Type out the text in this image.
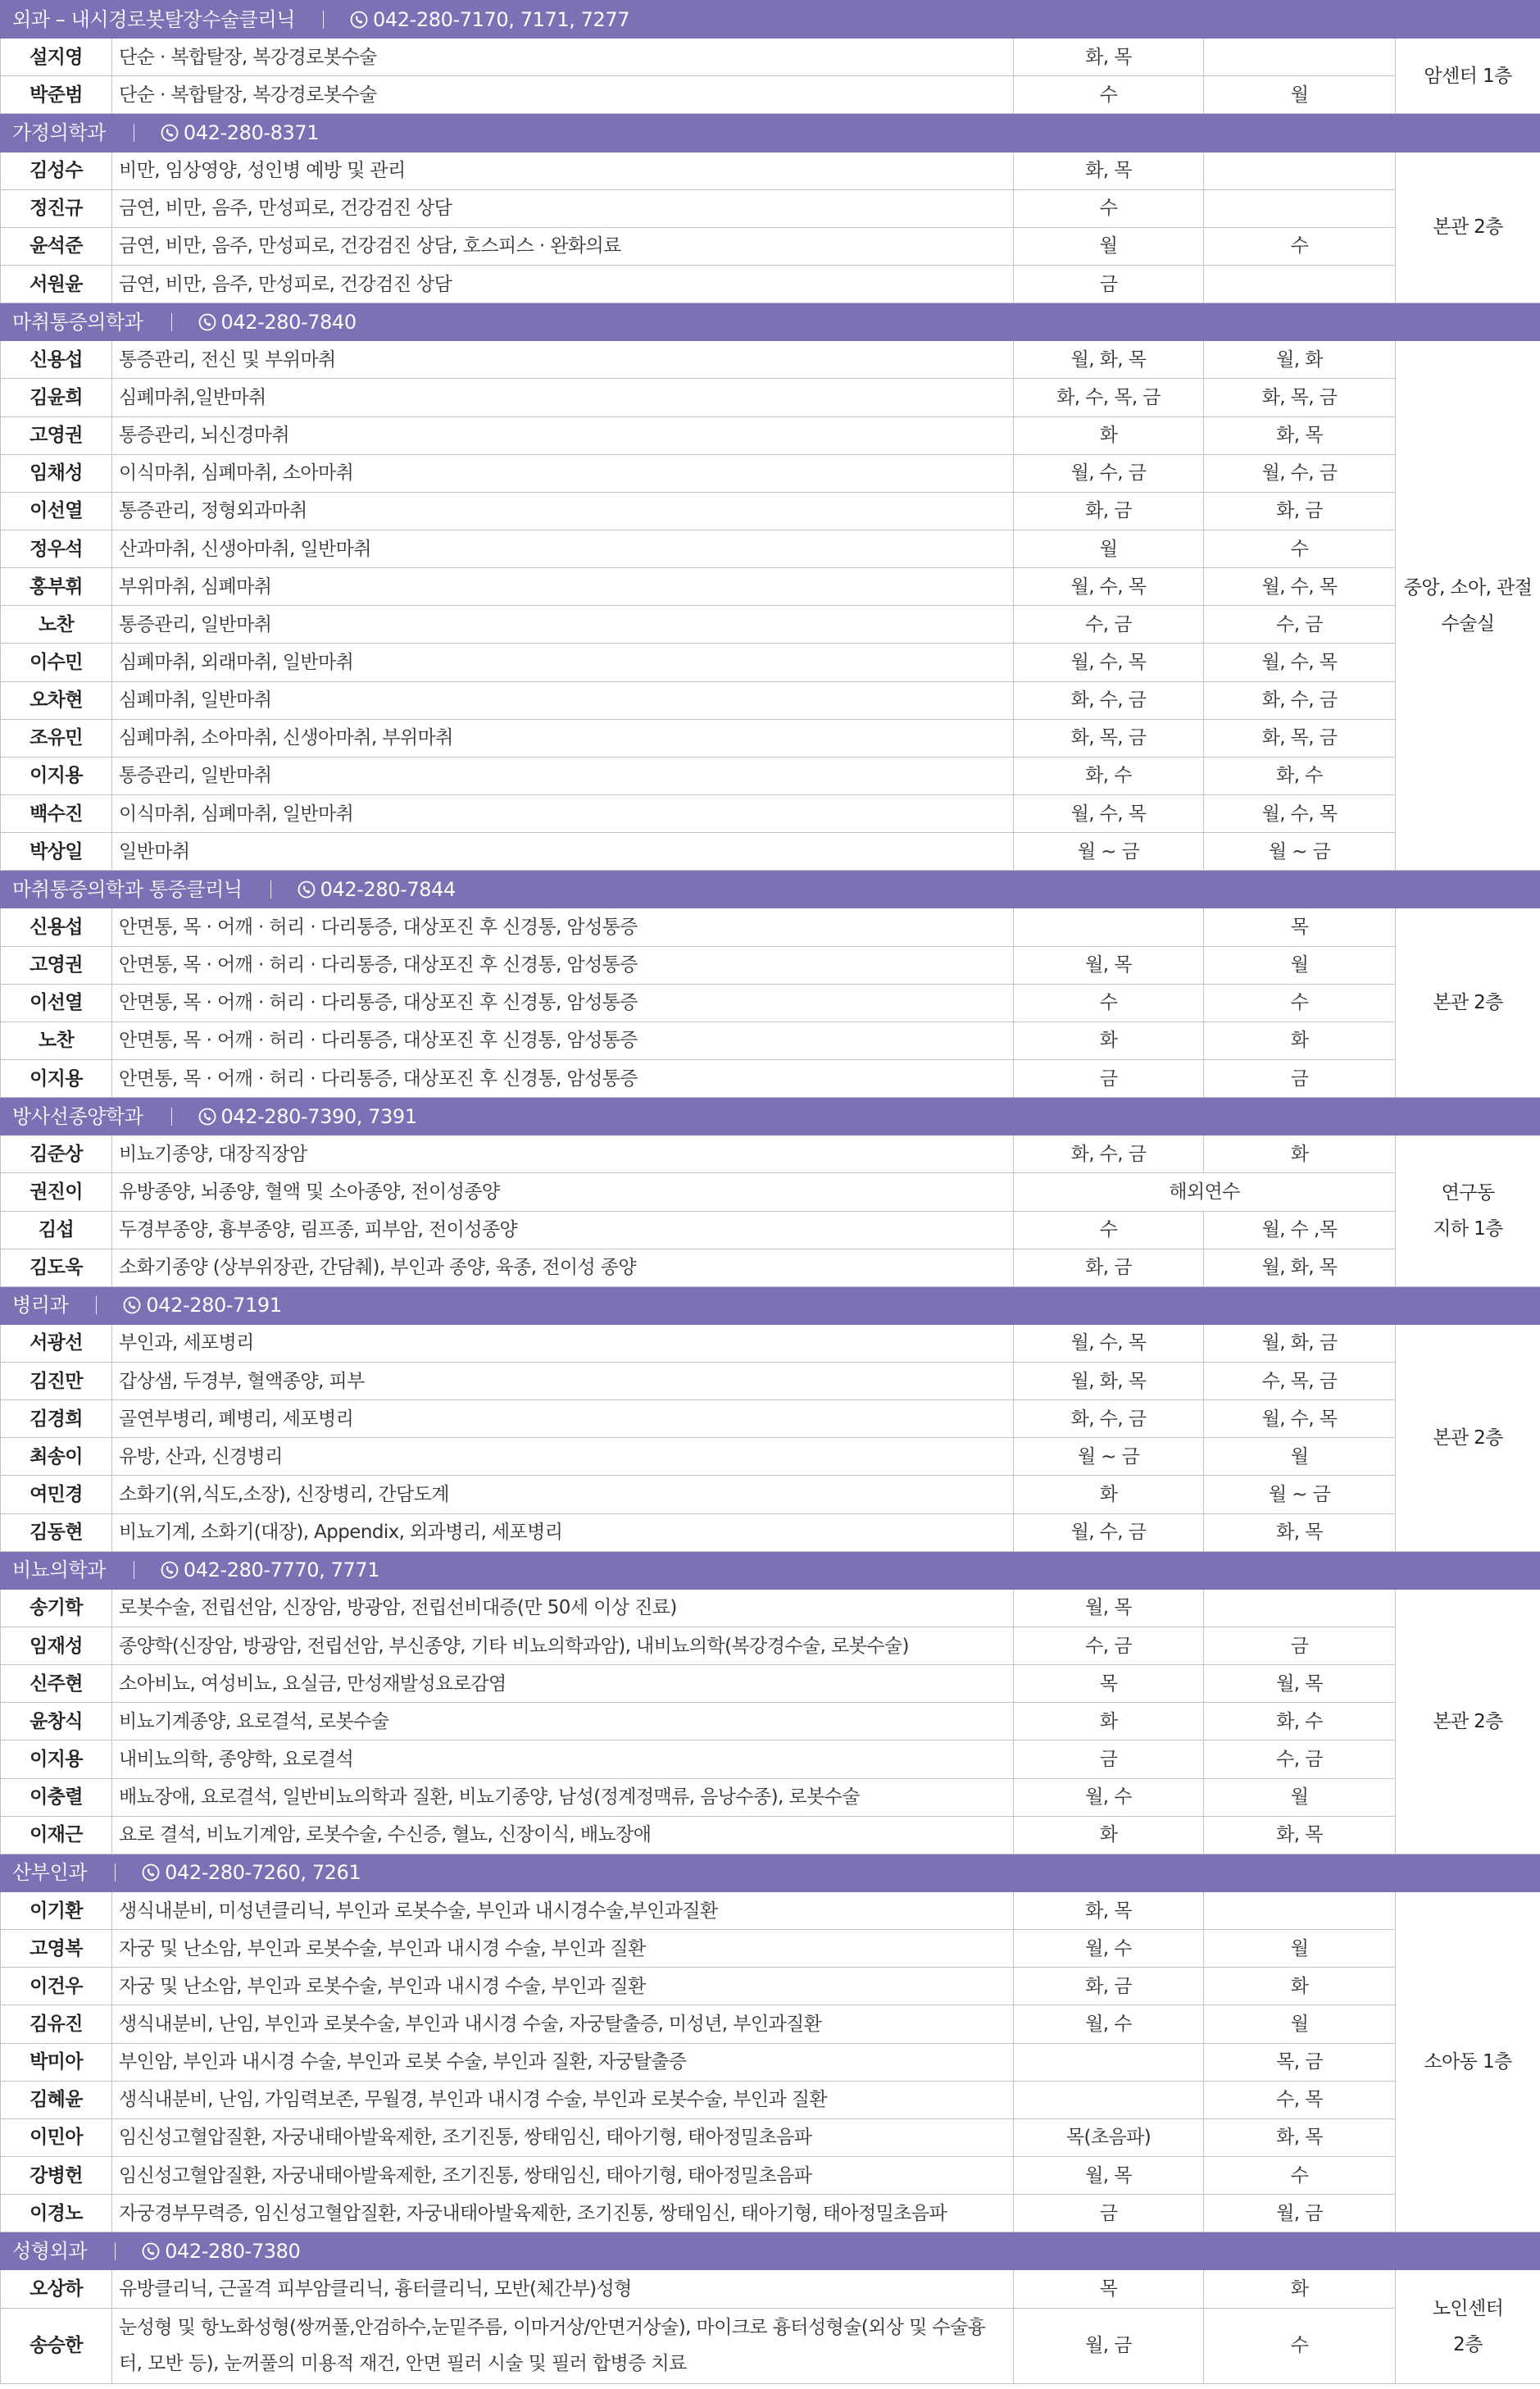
외과 – 내시경로봇탈장수술클리닉 042-280-7170, 7171, 7277				

설지영	단순 · 복합탈장, 복강경로봇수술	화, 목		암센터 1층
박준범	단순 · 복합탈장, 복강경로봇수술	수	월	

가정의학과 042-280-8371				

김성수	비만, 임상영양, 성인병 예방 및 관리	화, 목		본관 2층
정진규	금연, 비만, 음주, 만성피로, 건강검진 상담	수		
윤석준	금연, 비만, 음주, 만성피로, 건강검진 상담, 호스피스 · 완화의료	월	수	
서원윤	금연, 비만, 음주, 만성피로, 건강검진 상담	금		

마취통증의학과 042-280-7840				

신용섭	통증관리, 전신 및 부위마취	월, 화, 목	월, 화	중앙, 소아, 관절
수술실
김윤희	심폐마취,일반마취	화, 수, 목, 금	화, 목, 금	
고영권	통증관리, 뇌신경마취	화	화, 목	
임채성	이식마취, 심폐마취, 소아마취	월, 수, 금	월, 수, 금	
이선열	통증관리, 정형외과마취	화, 금	화, 금	
정우석	산과마취, 신생아마취, 일반마취	월	수	
홍부휘	부위마취, 심폐마취	월, 수, 목	월, 수, 목	
노찬	통증관리, 일반마취	수, 금	수, 금	
이수민	심폐마취, 외래마취, 일반마취	월, 수, 목	월, 수, 목	
오차현	심폐마취, 일반마취	화, 수, 금	화, 수, 금	
조유민	심폐마취, 소아마취, 신생아마취, 부위마취	화, 목, 금	화, 목, 금	
이지용	통증관리, 일반마취	화, 수	화, 수	
백수진	이식마취, 심폐마취, 일반마취	월, 수, 목	월, 수, 목	
박상일	일반마취	월 ~ 금	월 ~ 금	

마취통증의학과 통증클리닉 042-280-7844				

신용섭	안면통, 목 · 어깨 · 허리 · 다리통증, 대상포진 후 신경통, 암성통증		목	본관 2층
고영권	안면통, 목 · 어깨 · 허리 · 다리통증, 대상포진 후 신경통, 암성통증	월, 목	월	
이선열	안면통, 목 · 어깨 · 허리 · 다리통증, 대상포진 후 신경통, 암성통증	수	수	
노찬	안면통, 목 · 어깨 · 허리 · 다리통증, 대상포진 후 신경통, 암성통증	화	화	
이지용	안면통, 목 · 어깨 · 허리 · 다리통증, 대상포진 후 신경통, 암성통증	금	금	

방사선종양학과 042-280-7390, 7391				

김준상	비뇨기종양, 대장직장암	화, 수, 금	화	연구동
지하 1층
권진이	유방종양, 뇌종양, 혈액 및 소아종양, 전이성종양	해외연수		
김섭	두경부종양, 흉부종양, 림프종, 피부암, 전이성종양	수	월, 수 ,목	
김도욱	소화기종양 (상부위장관, 간담췌), 부인과 종양, 육종, 전이성 종양	화, 금	월, 화, 목	

병리과 042-280-7191				

서광선	부인과, 세포병리	월, 수, 목	월, 화, 금	본관 2층
김진만	갑상샘, 두경부, 혈액종양, 피부	월, 화, 목	수, 목, 금	
김경희	골연부병리, 폐병리, 세포병리	화, 수, 금	월, 수, 목	
최송이	유방, 산과, 신경병리	월 ~ 금	월	
여민경	소화기(위,식도,소장), 신장병리, 간담도계	화	월 ~ 금	
김동현	비뇨기계, 소화기(대장), Appendix, 외과병리, 세포병리	월, 수, 금	화, 목	

비뇨의학과 042-280-7770, 7771				

송기학	로봇수술, 전립선암, 신장암, 방광암, 전립선비대증(만 50세 이상 진료)	월, 목		본관 2층
임재성	종양학(신장암, 방광암, 전립선암, 부신종양, 기타 비뇨의학과암), 내비뇨의학(복강경수술, 로봇수술)	수, 금	금	
신주현	소아비뇨, 여성비뇨, 요실금, 만성재발성요로감염	목	월, 목	
윤창식	비뇨기계종양, 요로결석, 로봇수술	화	화, 수	
이지용	내비뇨의학, 종양학, 요로결석	금	수, 금	
이충렬	배뇨장애, 요로결석, 일반비뇨의학과 질환, 비뇨기종양, 남성(정계정맥류, 음낭수종), 로봇수술	월, 수	월	
이재근	요로 결석, 비뇨기계암, 로봇수술, 수신증, 혈뇨, 신장이식, 배뇨장애	화	화, 목	

산부인과 042-280-7260, 7261				

이기환	생식내분비, 미성년클리닉, 부인과 로봇수술, 부인과 내시경수술,부인과질환	화, 목		소아동 1층
고영복	자궁 및 난소암, 부인과 로봇수술, 부인과 내시경 수술, 부인과 질환	월, 수	월	
이건우	자궁 및 난소암, 부인과 로봇수술, 부인과 내시경 수술, 부인과 질환	화, 금	화	
김유진	생식내분비, 난임, 부인과 로봇수술, 부인과 내시경 수술, 자궁탈출증, 미성년, 부인과질환	월, 수	월	
박미아	부인암, 부인과 내시경 수술, 부인과 로봇 수술, 부인과 질환, 자궁탈출증		목, 금	
김혜윤	생식내분비, 난임, 가임력보존, 무월경, 부인과 내시경 수술, 부인과 로봇수술, 부인과 질환		수, 목	
이민아	임신성고혈압질환, 자궁내태아발육제한, 조기진통, 쌍태임신, 태아기형, 태아정밀초음파	목(초음파)	화, 목	
강병헌	임신성고혈압질환, 자궁내태아발육제한, 조기진통, 쌍태임신, 태아기형, 태아정밀초음파	월, 목	수	
이경노	자궁경부무력증, 임신성고혈압질환, 자궁내태아발육제한, 조기진통, 쌍태임신, 태아기형, 태아정밀초음파	금	월, 금	

성형외과 042-280-7380				

오상하	유방클리닉, 근골격 피부암클리닉, 흉터클리닉, 모반(체간부)성형	목	화	노인센터
2층
송승한	눈성형 및 항노화성형(쌍꺼풀,안검하수,눈밑주름, 이마거상/안면거상술), 마이크로 흉터성형술(외상 및 수술흉터, 모반 등), 눈꺼풀의 미용적 재건, 안면 필러 시술 및 필러 합병증 치료	월, 금	수	
